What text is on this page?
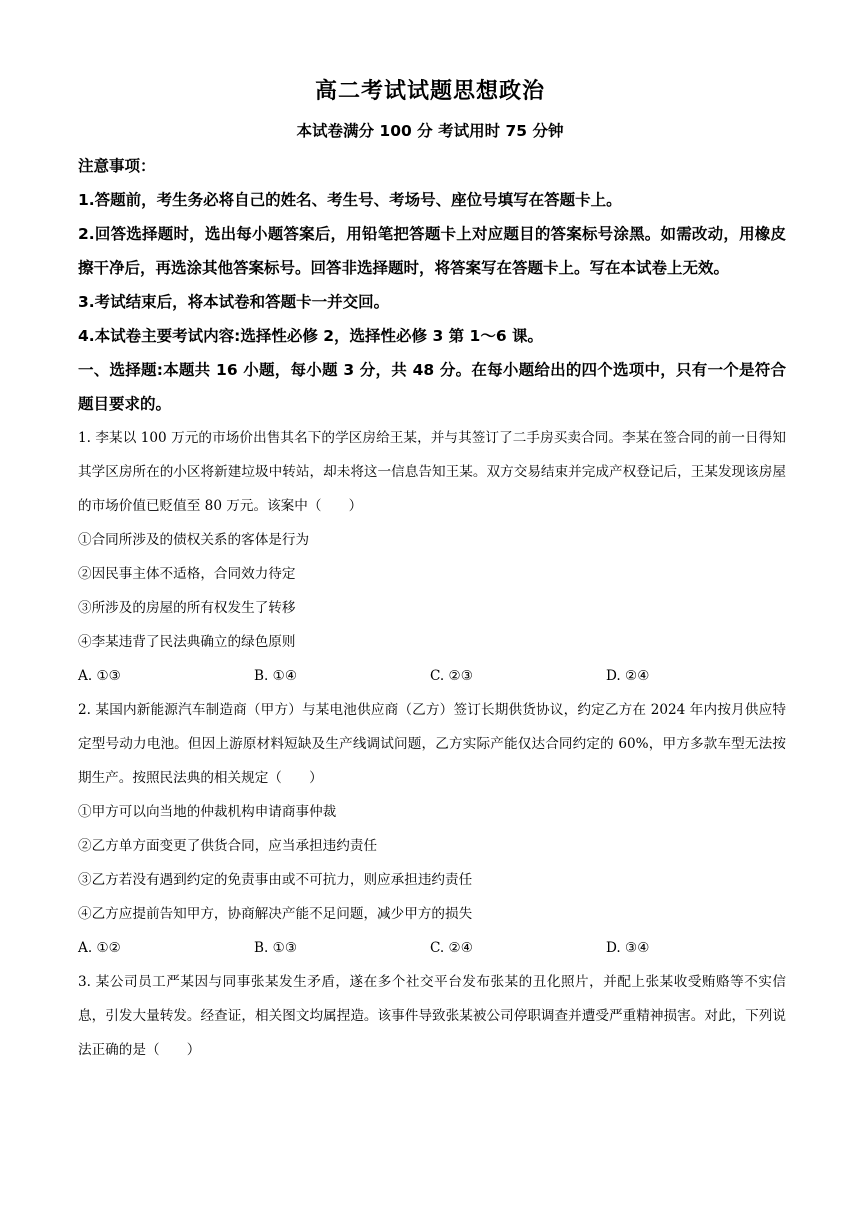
高二考试试题思想政治
本试卷满分 100 分 考试用时 75 分钟

注意事项：

1.答题前，考生务必将自己的姓名、考生号、考场号、座位号填写在答题卡上。

2.回答选择题时，选出每小题答案后，用铅笔把答题卡上对应题目的答案标号涂黑。如需改动，用橡皮擦干净后，再选涂其他答案标号。回答非选择题时，将答案写在答题卡上。写在本试卷上无效。

3.考试结束后，将本试卷和答题卡一并交回。

4.本试卷主要考试内容:选择性必修 2，选择性必修 3 第 1～6 课。

一、选择题:本题共 16 小题，每小题 3 分，共 48 分。在每小题给出的四个选项中，只有一个是符合题目要求的。

1. 李某以 100 万元的市场价出售其名下的学区房给王某，并与其签订了二手房买卖合同。李某在签合同的前一日得知其学区房所在的小区将新建垃圾中转站，却未将这一信息告知王某。双方交易结束并完成产权登记后，王某发现该房屋的市场价值已贬值至 80 万元。该案中（　　）

①合同所涉及的债权关系的客体是行为

②因民事主体不适格，合同效力待定

③所涉及的房屋的所有权发生了转移

④李某违背了民法典确立的绿色原则

A. ①③	B. ①④	C. ②③	D. ②④

2. 某国内新能源汽车制造商（甲方）与某电池供应商（乙方）签订长期供货协议，约定乙方在 2024 年内按月供应特定型号动力电池。但因上游原材料短缺及生产线调试问题，乙方实际产能仅达合同约定的 60%，甲方多款车型无法按期生产。按照民法典的相关规定（　　）

①甲方可以向当地的仲裁机构申请商事仲裁

②乙方单方面变更了供货合同，应当承担违约责任

③乙方若没有遇到约定的免责事由或不可抗力，则应承担违约责任

④乙方应提前告知甲方，协商解决产能不足问题，减少甲方的损失

A. ①②	B. ①③	C. ②④	D. ③④

3. 某公司员工严某因与同事张某发生矛盾，遂在多个社交平台发布张某的丑化照片，并配上张某收受贿赂等不实信息，引发大量转发。经查证，相关图文均属捏造。该事件导致张某被公司停职调查并遭受严重精神损害。对此，下列说法正确的是（　　）
